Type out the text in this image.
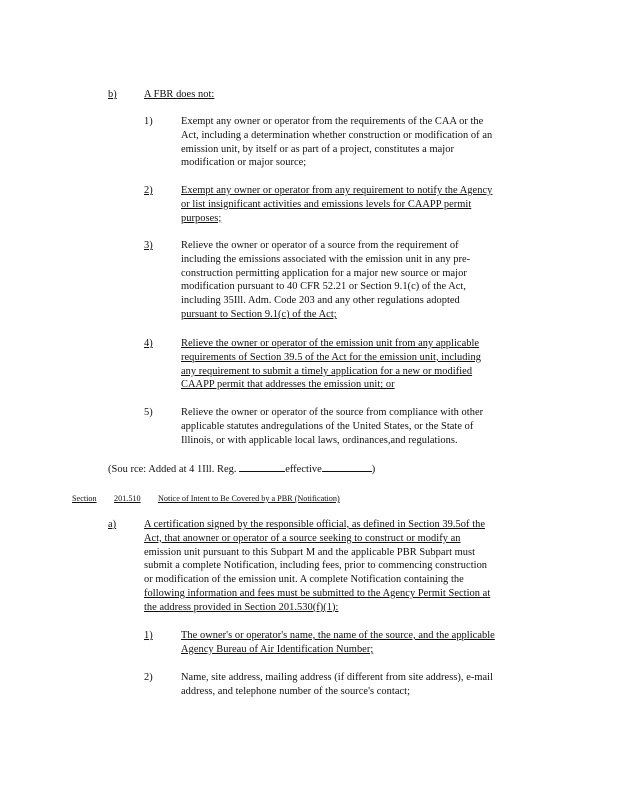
b)	A FBR does not:
1)	Exempt any owner or operator from the requirements of the CAA or the
Act, including a determination whether construction or modification of an
emission unit, by itself or as part of a project, constitutes a major
modification or major source;
2)	Exempt any owner or operator from any requirement to notify the Agency
or list insignificant activities and emissions levels for CAAPP permit
purposes;
3)	Relieve the owner or operator of a source from the requirement of
including the emissions associated with the emission unit in any pre-
construction permitting application for a major new source or major
modification pursuant to 40 CFR 52.21 or Section 9.1(c) of the Act,
including 35Ill. Adm. Code 203 and any other regulations adopted
pursuant to Section 9.1(c) of the Act;
4)	Relieve the owner or operator of the emission unit from any applicable
requirements of Section 39.5 of the Act for the emission unit, including
any requirement to submit a timely application for a new or modified
CAAPP permit that addresses the emission unit; or
5)	Relieve the owner or operator of the source from compliance with other
applicable statutes andregulations of the United States, or the State of
Illinois, or with applicable local laws, ordinances,and regulations.
(Sou rce: Added at 4 1Ill. Reg.	effective	)
Section 201.510 Notice of Intent to Be Covered by a PBR (Notification)
a)	A certification signed by the responsible official, as defined in Section 39.5of the
Act, that anowner or operator of a source seeking to construct or modify an
emission unit pursuant to this Subpart M and the applicable PBR Subpart must
submit a complete Notification, including fees, prior to commencing construction
or modification of the emission unit. A complete Notification containing the
following information and fees must be submitted to the Agency Permit Section at
the address provided in Section 201.530(f)(1):
1)	The owner's or operator's name, the name of the source, and the applicable
Agency Bureau of Air Identification Number;
2)	Name, site address, mailing address (if different from site address), e-mail
address, and telephone number of the source's contact;
